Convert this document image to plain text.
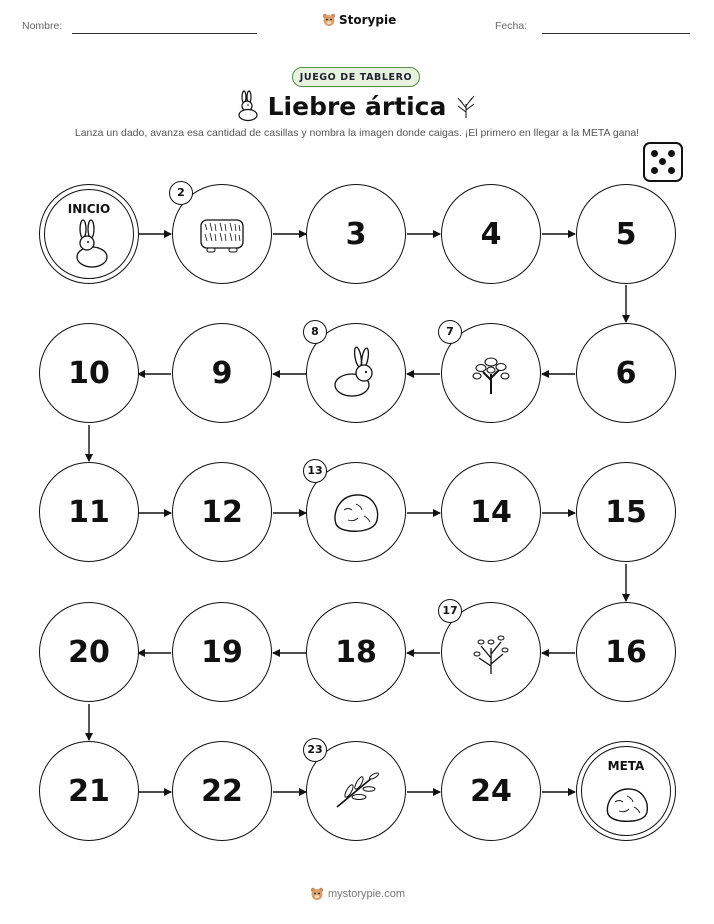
Nombre:	Storypie	Fecha:
JUEGO DE TABLERO
Liebre ártica
Lanza un dado, avanza esa cantidad de casillas y nombra la imagen donde caigas. ¡El primero en llegar a la META gana!
INICIO
2
3	4	5
6
7
8
9
10
11	12
13
14	15
16
17
18
19
20
21	22
23
24
META
mystorypie.com
